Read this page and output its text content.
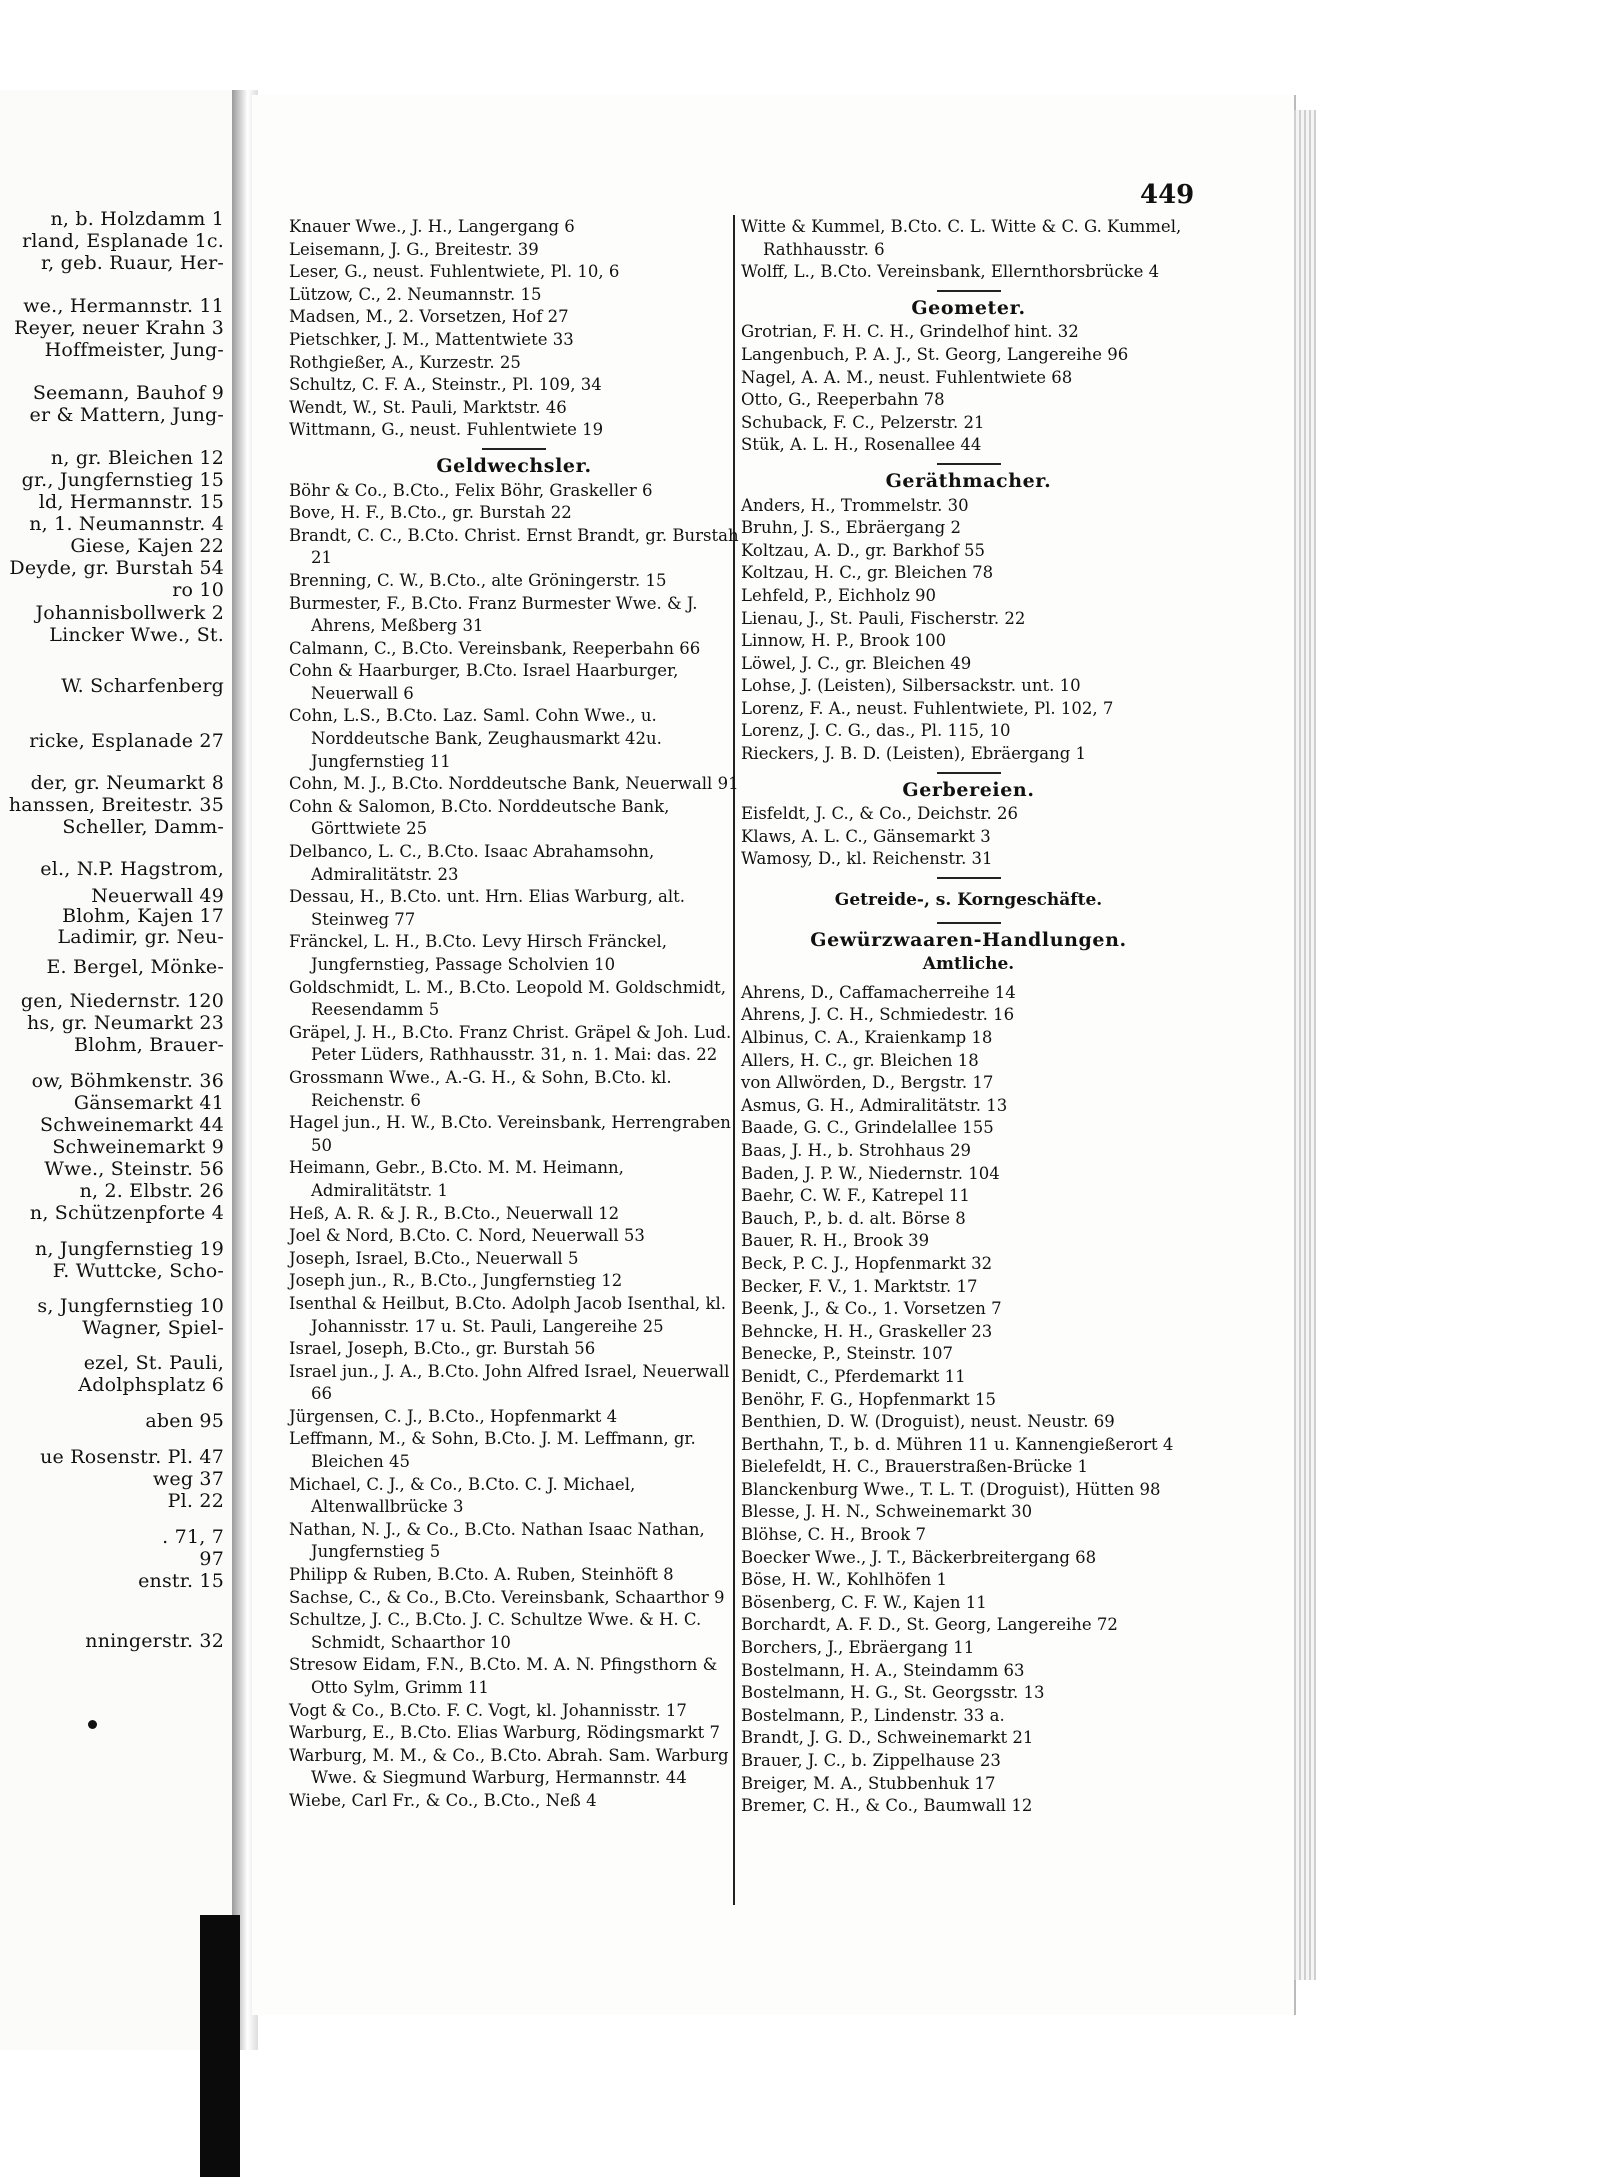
n, b. Holzdamm 1
rland, Esplanade 1c.
r, geb. Ruaur, Her-
we., Hermannstr. 11
Reyer, neuer Krahn 3
Hoffmeister, Jung-
Seemann, Bauhof 9
er & Mattern, Jung-
n, gr. Bleichen 12
gr., Jungfernstieg 15
ld, Hermannstr. 15
n, 1. Neumannstr. 4
Giese, Kajen 22
Deyde, gr. Burstah 54
ro 10
Johannisbollwerk 2
Lincker Wwe., St.
W. Scharfenberg
ricke, Esplanade 27
der, gr. Neumarkt 8
hanssen, Breitestr. 35
Scheller, Damm-
el., N.P. Hagstrom,
Neuerwall 49
Blohm, Kajen 17
Ladimir, gr. Neu-
E. Bergel, Mönke-
gen, Niedernstr. 120
hs, gr. Neumarkt 23
Blohm, Brauer-
ow, Böhmkenstr. 36
Gänsemarkt 41
Schweinemarkt 44
Schweinemarkt 9
Wwe., Steinstr. 56
n, 2. Elbstr. 26
n, Schützenpforte 4
n, Jungfernstieg 19
F. Wuttcke, Scho-
s, Jungfernstieg 10
Wagner, Spiel-
ezel, St. Pauli,
Adolphsplatz 6
aben 95
ue Rosenstr. Pl. 47
weg 37
Pl. 22
. 71, 7
97
enstr. 15
nningerstr. 32
449

Knauer Wwe., J. H., Langergang 6

Leisemann, J. G., Breitestr. 39

Leser, G., neust. Fuhlentwiete, Pl. 10, 6

Lützow, C., 2. Neumannstr. 15

Madsen, M., 2. Vorsetzen, Hof 27

Pietschker, J. M., Mattentwiete 33

Rothgießer, A., Kurzestr. 25

Schultz, C. F. A., Steinstr., Pl. 109, 34

Wendt, W., St. Pauli, Marktstr. 46

Wittmann, G., neust. Fuhlentwiete 19

Geldwechsler.

Böhr & Co., B.Cto., Felix Böhr, Graskeller 6

Bove, H. F., B.Cto., gr. Burstah 22

Brandt, C. C., B.Cto. Christ. Ernst Brandt, gr. Burstah 21

Brenning, C. W., B.Cto., alte Gröningerstr. 15

Burmester, F., B.Cto. Franz Burmester Wwe. & J. Ahrens, Meßberg 31

Calmann, C., B.Cto. Vereinsbank, Reeperbahn 66

Cohn & Haarburger, B.Cto. Israel Haarburger, Neuerwall 6

Cohn, L.S., B.Cto. Laz. Saml. Cohn Wwe., u. Norddeutsche Bank, Zeughausmarkt 42u. Jungfernstieg 11

Cohn, M. J., B.Cto. Norddeutsche Bank, Neuerwall 91

Cohn & Salomon, B.Cto. Norddeutsche Bank, Görttwiete 25

Delbanco, L. C., B.Cto. Isaac Abrahamsohn, Admiralitätstr. 23

Dessau, H., B.Cto. unt. Hrn. Elias Warburg, alt. Steinweg 77

Fränckel, L. H., B.Cto. Levy Hirsch Fränckel, Jungfernstieg, Passage Scholvien 10

Goldschmidt, L. M., B.Cto. Leopold M. Goldschmidt, Reesendamm 5

Gräpel, J. H., B.Cto. Franz Christ. Gräpel & Joh. Lud. Peter Lüders, Rathhausstr. 31, n. 1. Mai: das. 22

Grossmann Wwe., A.-G. H., & Sohn, B.Cto. kl. Reichenstr. 6

Hagel jun., H. W., B.Cto. Vereinsbank, Herrengraben 50

Heimann, Gebr., B.Cto. M. M. Heimann, Admiralitätstr. 1

Heß, A. R. & J. R., B.Cto., Neuerwall 12

Joel & Nord, B.Cto. C. Nord, Neuerwall 53

Joseph, Israel, B.Cto., Neuerwall 5

Joseph jun., R., B.Cto., Jungfernstieg 12

Isenthal & Heilbut, B.Cto. Adolph Jacob Isenthal, kl. Johannisstr. 17 u. St. Pauli, Langereihe 25

Israel, Joseph, B.Cto., gr. Burstah 56

Israel jun., J. A., B.Cto. John Alfred Israel, Neuerwall 66

Jürgensen, C. J., B.Cto., Hopfenmarkt 4

Leffmann, M., & Sohn, B.Cto. J. M. Leffmann, gr. Bleichen 45

Michael, C. J., & Co., B.Cto. C. J. Michael, Altenwallbrücke 3

Nathan, N. J., & Co., B.Cto. Nathan Isaac Nathan, Jungfernstieg 5

Philipp & Ruben, B.Cto. A. Ruben, Steinhöft 8

Sachse, C., & Co., B.Cto. Vereinsbank, Schaarthor 9

Schultze, J. C., B.Cto. J. C. Schultze Wwe. & H. C. Schmidt, Schaarthor 10

Stresow Eidam, F.N., B.Cto. M. A. N. Pfingsthorn & Otto Sylm, Grimm 11

Vogt & Co., B.Cto. F. C. Vogt, kl. Johannisstr. 17

Warburg, E., B.Cto. Elias Warburg, Rödingsmarkt 7

Warburg, M. M., & Co., B.Cto. Abrah. Sam. Warburg Wwe. & Siegmund Warburg, Hermannstr. 44

Wiebe, Carl Fr., & Co., B.Cto., Neß 4

Witte & Kummel, B.Cto. C. L. Witte & C. G. Kummel, Rathhausstr. 6

Wolff, L., B.Cto. Vereinsbank, Ellernthorsbrücke 4

Geometer.

Grotrian, F. H. C. H., Grindelhof hint. 32

Langenbuch, P. A. J., St. Georg, Langereihe 96

Nagel, A. A. M., neust. Fuhlentwiete 68

Otto, G., Reeperbahn 78

Schuback, F. C., Pelzerstr. 21

Stük, A. L. H., Rosenallee 44

Geräthmacher.

Anders, H., Trommelstr. 30

Bruhn, J. S., Ebräergang 2

Koltzau, A. D., gr. Barkhof 55

Koltzau, H. C., gr. Bleichen 78

Lehfeld, P., Eichholz 90

Lienau, J., St. Pauli, Fischerstr. 22

Linnow, H. P., Brook 100

Löwel, J. C., gr. Bleichen 49

Lohse, J. (Leisten), Silbersackstr. unt. 10

Lorenz, F. A., neust. Fuhlentwiete, Pl. 102, 7

Lorenz, J. C. G., das., Pl. 115, 10

Rieckers, J. B. D. (Leisten), Ebräergang 1

Gerbereien.

Eisfeldt, J. C., & Co., Deichstr. 26

Klaws, A. L. C., Gänsemarkt 3

Wamosy, D., kl. Reichenstr. 31

Getreide-, s. Korngeschäfte.

Gewürzwaaren-Handlungen.

Amtliche.

Ahrens, D., Caffamacherreihe 14

Ahrens, J. C. H., Schmiedestr. 16

Albinus, C. A., Kraienkamp 18

Allers, H. C., gr. Bleichen 18

von Allwörden, D., Bergstr. 17

Asmus, G. H., Admiralitätstr. 13

Baade, G. C., Grindelallee 155

Baas, J. H., b. Strohhaus 29

Baden, J. P. W., Niedernstr. 104

Baehr, C. W. F., Katrepel 11

Bauch, P., b. d. alt. Börse 8

Bauer, R. H., Brook 39

Beck, P. C. J., Hopfenmarkt 32

Becker, F. V., 1. Marktstr. 17

Beenk, J., & Co., 1. Vorsetzen 7

Behncke, H. H., Graskeller 23

Benecke, P., Steinstr. 107

Benidt, C., Pferdemarkt 11

Benöhr, F. G., Hopfenmarkt 15

Benthien, D. W. (Droguist), neust. Neustr. 69

Berthahn, T., b. d. Mühren 11 u. Kannengießerort 4

Bielefeldt, H. C., Brauerstraßen-Brücke 1

Blanckenburg Wwe., T. L. T. (Droguist), Hütten 98

Blesse, J. H. N., Schweinemarkt 30

Blöhse, C. H., Brook 7

Boecker Wwe., J. T., Bäckerbreitergang 68

Böse, H. W., Kohlhöfen 1

Bösenberg, C. F. W., Kajen 11

Borchardt, A. F. D., St. Georg, Langereihe 72

Borchers, J., Ebräergang 11

Bostelmann, H. A., Steindamm 63

Bostelmann, H. G., St. Georgsstr. 13

Bostelmann, P., Lindenstr. 33 a.

Brandt, J. G. D., Schweinemarkt 21

Brauer, J. C., b. Zippelhause 23

Breiger, M. A., Stubbenhuk 17

Bremer, C. H., & Co., Baumwall 12
